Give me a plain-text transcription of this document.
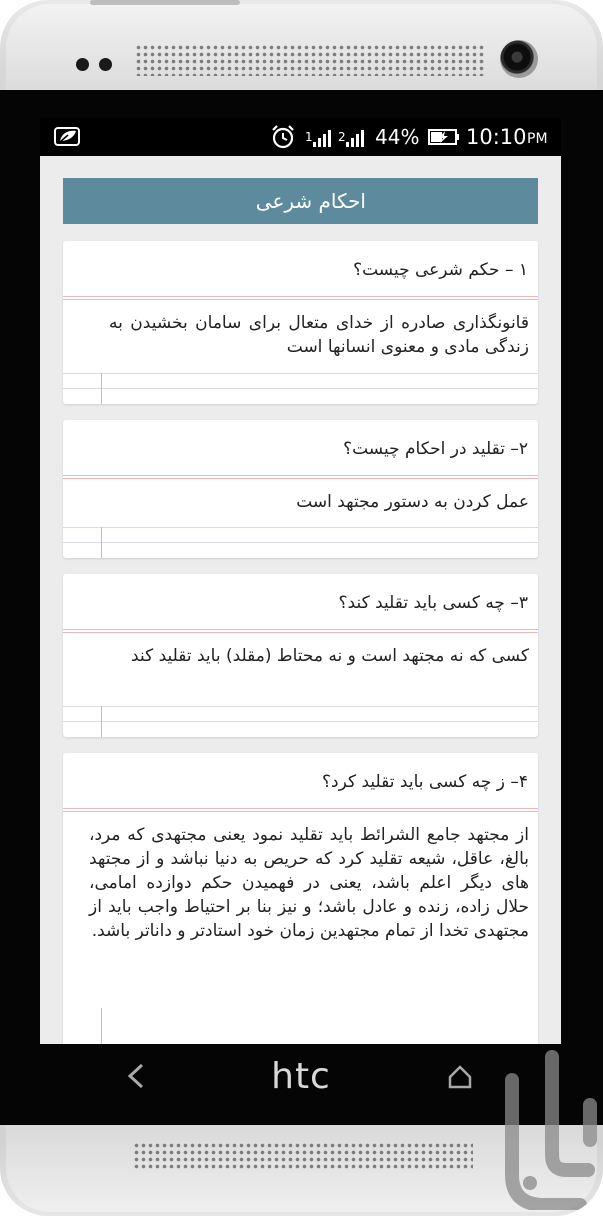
1 2 44% 10:10 PM
احکام شرعی
۱ – حکم شرعی چیست؟
قانونگذاری صادره از خدای متعال برای سامان بخشیدن به زندگی مادی و معنوی انسانها است
۲– تقلید در احکام چیست؟
عمل کردن به دستور مجتهد است
۳– چه کسی باید تقلید کند؟
کسی که نه مجتهد است و نه محتاط (مقلد) باید تقلید کند
۴– ز چه کسی باید تقلید کرد؟
از مجتهد جامع الشرائط باید تقلید نمود یعنی مجتهدی که مرد، بالغ، عاقل، شیعه تقلید کرد که حریص به دنیا نباشد و از مجتهد های دیگر اعلم باشد، یعنی در فهمیدن حکم دوازده امامی، حلال زاده، زنده و عادل باشد؛ و نیز بنا بر احتیاط واجب باید از مجتهدی تخدا از تمام مجتهدین زمان خود استادتر و داناتر باشد.
htc
